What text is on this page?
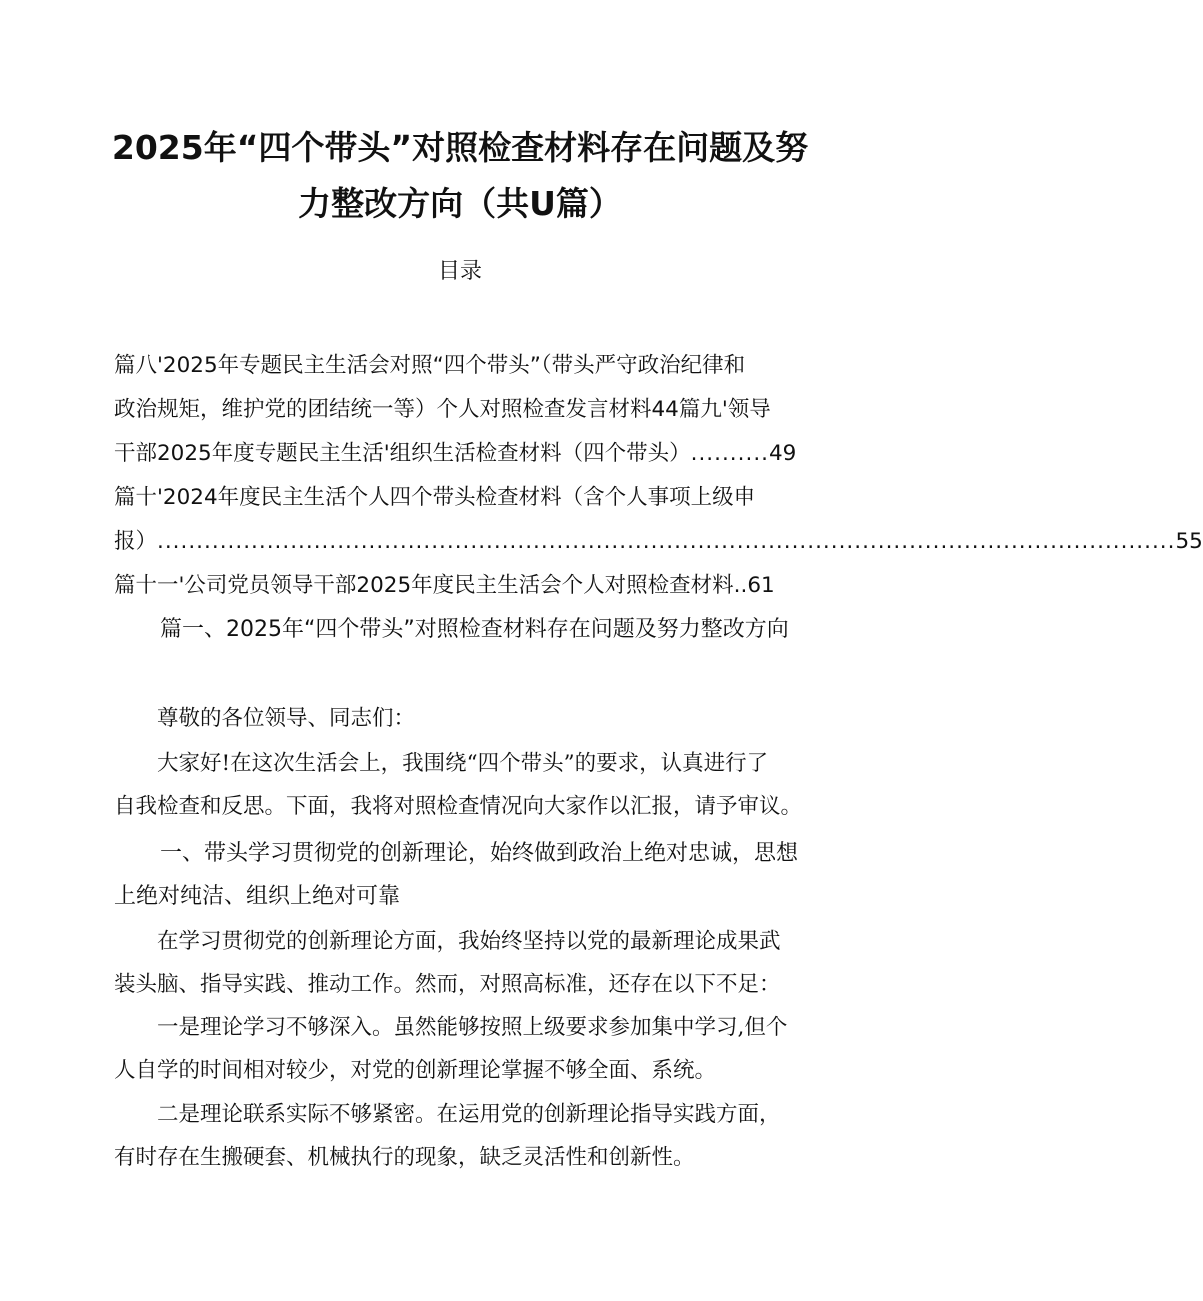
2025年“四个带头”对照检查材料存在问题及努
力整改方向（共U篇）
目录
篇八'2025年专题民主生活会对照“四个带头”（带头严守政治纪律和
政治规矩，维护党的团结统一等）个人对照检查发言材料44篇九'领导
干部2025年度专题民主生活'组织生活检查材料（四个带头） .......... 49
篇十'2024年度民主生活个人四个带头检查材料（含个人事项上级申
报） .................................................................................................................................. 55
篇十一'公司党员领导干部2025年度民主生活会个人对照检查材料 .. 61
篇一、2025年“四个带头”对照检查材料存在问题及努力整改方向
尊敬的各位领导、同志们：
大家好!在这次生活会上，我围绕“四个带头”的要求，认真进行了
自我检查和反思。下面，我将对照检查情况向大家作以汇报，请予审议。
一、带头学习贯彻党的创新理论，始终做到政治上绝对忠诚，思想
上绝对纯洁、组织上绝对可靠
在学习贯彻党的创新理论方面，我始终坚持以党的最新理论成果武
装头脑、指导实践、推动工作。然而，对照高标准，还存在以下不足：
一是理论学习不够深入。虽然能够按照上级要求参加集中学习,但个
人自学的时间相对较少，对党的创新理论掌握不够全面、系统。
二是理论联系实际不够紧密。在运用党的创新理论指导实践方面，
有时存在生搬硬套、机械执行的现象，缺乏灵活性和创新性。
